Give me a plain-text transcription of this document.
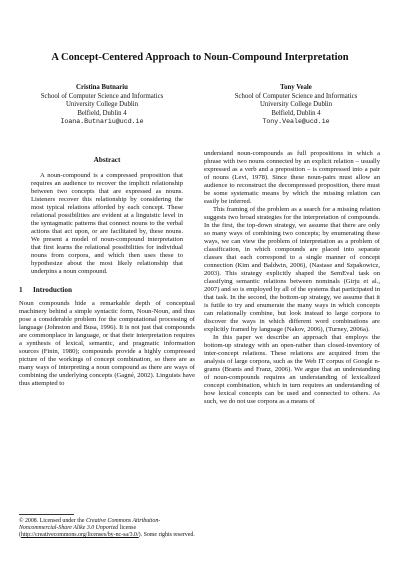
A Concept-Centered Approach to Noun-Compound Interpretation
Cristina Butnariu
School of Computer Science and Informatics
University College Dublin
Belfield, Dublin 4
Ioana.Butnariu@ucd.ie
Tony Veale
School of Computer Science and Informatics
University College Dublin
Belfield, Dublin 4
Tony.Veale@ucd.ie
Abstract

A noun-compound is a compressed proposition that requires an audience to recover the implicit relationship between two concepts that are expressed as nouns. Listeners recover this relationship by considering the most typical relations afforded by each concept. These relational possibilities are evident at a linguistic level in the syntagmatic patterns that connect nouns to the verbal actions that act upon, or are facilitated by, these nouns. We present a model of noun-compound interpretation that first learns the relational possibilities for individual nouns from corpora, and which then uses these to hypothesize about the most likely relationship that underpins a noun compound.

1 Introduction

Noun compounds hide a remarkable depth of conceptual machinery behind a simple syntactic form, Noun-Noun, and thus pose a considerable problem for the computational processing of language (Johnston and Busa, 1996). It is not just that compounds are commonplace in language, or that their interpretation requires a synthesis of lexical, semantic, and pragmatic information sources (Finin, 1980); compounds provide a highly compressed picture of the workings of concept combination, so there are as many ways of interpreting a noun compound as there are ways of combining the underlying concepts (Gagné, 2002). Linguists have thus attempted to

understand noun-compounds as full propositions in which a phrase with two nouns connected by an explicit relation – usually expressed as a verb and a preposition – is compressed into a pair of nouns (Levi, 1978). Since these noun-pairs must allow an audience to reconstruct the decompressed proposition, there must be some systematic means by which the missing relation can easily be inferred.

This framing of the problem as a search for a missing relation suggests two broad strategies for the interpretation of compounds. In the first, the top-down strategy, we assume that there are only so many ways of combining two concepts; by enumerating these ways, we can view the problem of interpretation as a problem of classification, in which compounds are placed into separate classes that each correspond to a single manner of concept connection (Kim and Baldwin, 2006), (Nastase and Szpakowicz, 2003). This strategy explicitly shaped the SemEval task on classifying semantic relations between nominals (Girju et al., 2007) and so is employed by all of the systems that participated in that task. In the second, the bottom-up strategy, we assume that it is futile to try and enumerate the many ways in which concepts can relationally combine, but look instead to large corpora to discover the ways in which different word combinations are explicitly framed by language (Nakov, 2006), (Turney, 2006a).

In this paper we describe an approach that employs the bottom-up strategy with an open-rather than closed-inventory of inter-concept relations. These relations are acquired from the analysis of large corpora, such as the Web IT corpus of Google n-grams (Brants and Franz, 2006). We argue that an understanding of noun-compounds requires an understanding of lexicalized concept combination, which in turn requires an understanding of how lexical concepts can be used and connected to others. As such, we do not use corpora as a means of

© 2008. Licensed under the Creative Commons Attribution-Noncommercial-Share Alike 3.0 Unported license (http://creativecommons.org/licenses/by-nc-sa/3.0/). Some rights reserved.
